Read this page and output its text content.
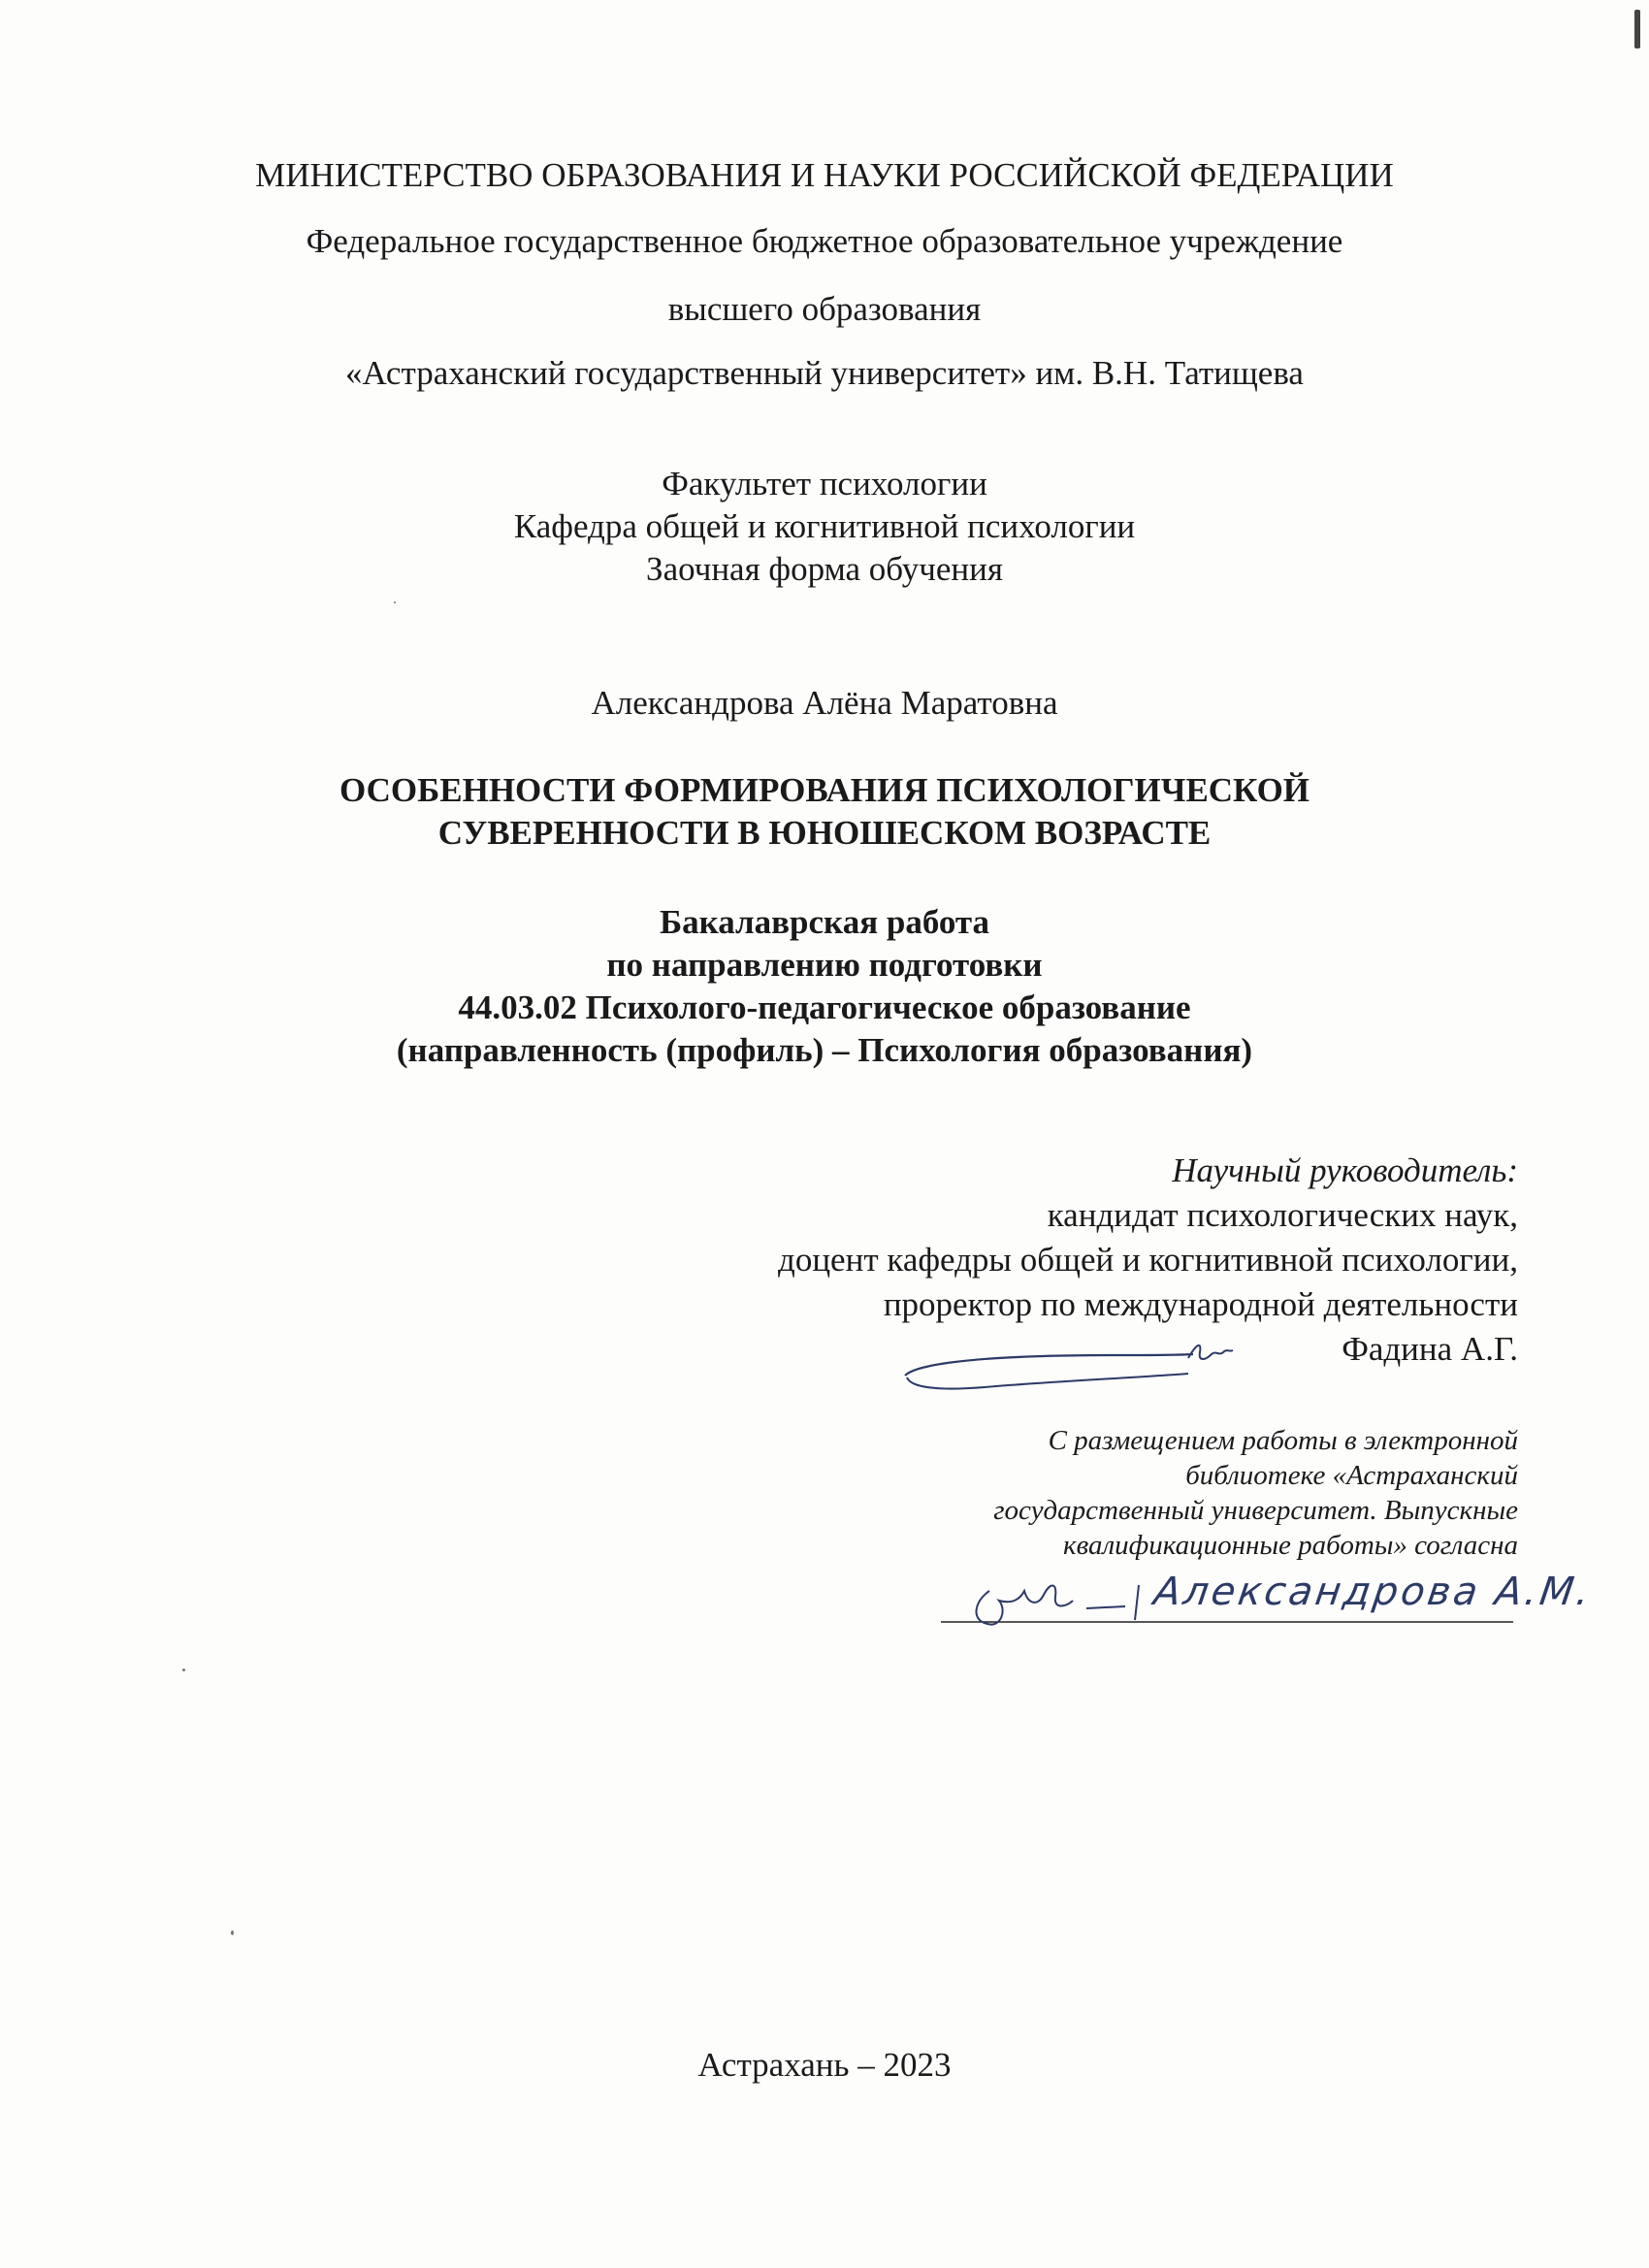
МИНИСТЕРСТВО ОБРАЗОВАНИЯ И НАУКИ РОССИЙСКОЙ ФЕДЕРАЦИИ
Федеральное государственное бюджетное образовательное учреждение
высшего образования
«Астраханский государственный университет» им. В.Н. Татищева
Факультет психологии
Кафедра общей и когнитивной психологии
Заочная форма обучения
Александрова Алёна Маратовна
ОСОБЕННОСТИ ФОРМИРОВАНИЯ ПСИХОЛОГИЧЕСКОЙ
СУВЕРЕННОСТИ В ЮНОШЕСКОМ ВОЗРАСТЕ
Бакалаврская работа
по направлению подготовки
44.03.02 Психолого-педагогическое образование
(направленность (профиль) – Психология образования)
Научный руководитель:
кандидат психологических наук,
доцент кафедры общей и когнитивной психологии,
проректор по международной деятельности
Фадина А.Г.
С размещением работы в электронной
библиотеке «Астраханский
государственный университет. Выпускные
квалификационные работы» согласна
Александрова А.М.
Астрахань – 2023
